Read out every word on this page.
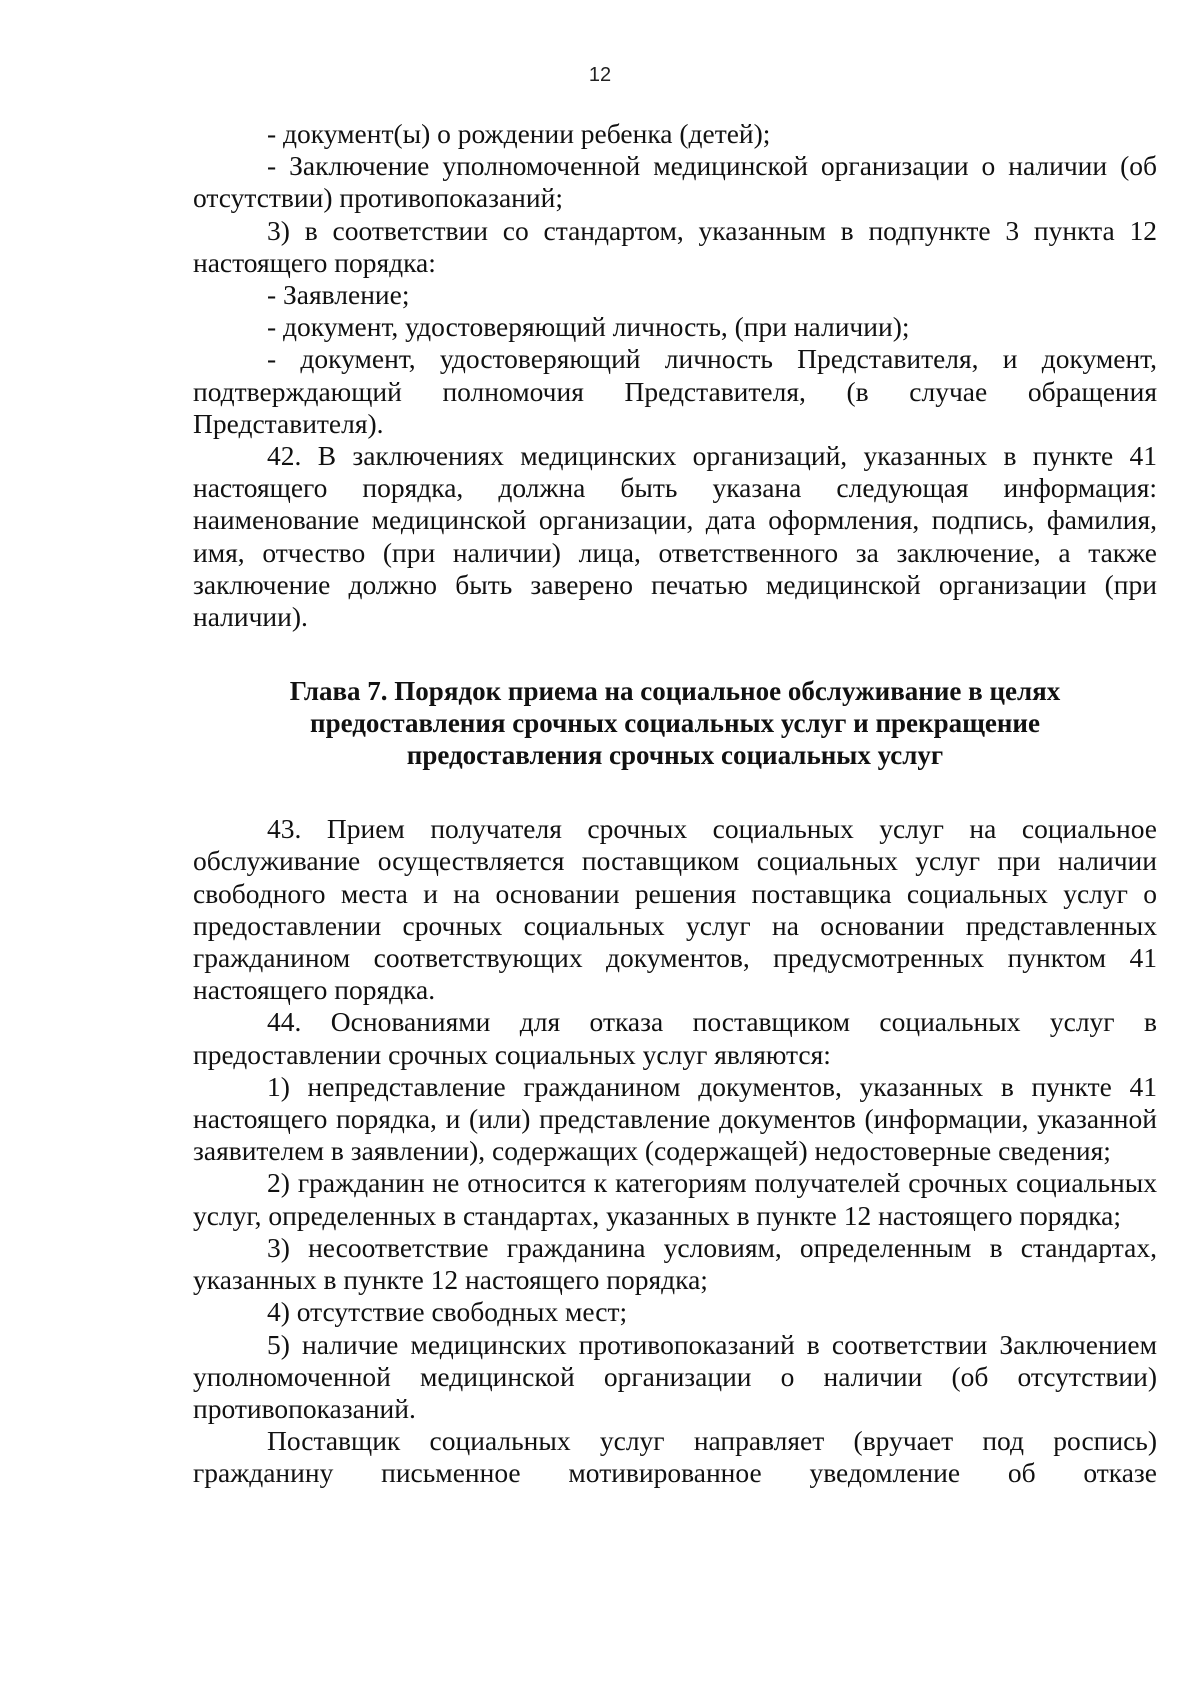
12

- документ(ы) о рождении ребенка (детей);

- Заключение уполномоченной медицинской организации о наличии (об отсутствии) противопоказаний;

3) в соответствии со стандартом, указанным в подпункте 3 пункта 12 настоящего порядка:

- Заявление;

- документ, удостоверяющий личность, (при наличии);

- документ, удостоверяющий личность Представителя, и документ, подтверждающий полномочия Представителя, (в случае обращения Представителя).

42. В заключениях медицинских организаций, указанных в пункте 41 настоящего порядка, должна быть указана следующая информация: наименование медицинской организации, дата оформления, подпись, фамилия, имя, отчество (при наличии) лица, ответственного за заключение, а также заключение должно быть заверено печатью медицинской организации (при наличии).

Глава 7. Порядок приема на социальное обслуживание в целях предоставления срочных социальных услуг и прекращение предоставления срочных социальных услуг

43. Прием получателя срочных социальных услуг на социальное обслуживание осуществляется поставщиком социальных услуг при наличии свободного места и на основании решения поставщика социальных услуг о предоставлении срочных социальных услуг на основании представленных гражданином соответствующих документов, предусмотренных пунктом 41 настоящего порядка.

44. Основаниями для отказа поставщиком социальных услуг в предоставлении срочных социальных услуг являются:

1) непредставление гражданином документов, указанных в пункте 41 настоящего порядка, и (или) представление документов (информации, указанной заявителем в заявлении), содержащих (содержащей) недостоверные сведения;

2) гражданин не относится к категориям получателей срочных социальных услуг, определенных в стандартах, указанных в пункте 12 настоящего порядка;

3) несоответствие гражданина условиям, определенным в стандартах, указанных в пункте 12 настоящего порядка;

4) отсутствие свободных мест;

5) наличие медицинских противопоказаний в соответствии Заключением уполномоченной медицинской организации о наличии (об отсутствии) противопоказаний.

Поставщик социальных услуг направляет (вручает под роспись) гражданину письменное мотивированное уведомление об отказе
